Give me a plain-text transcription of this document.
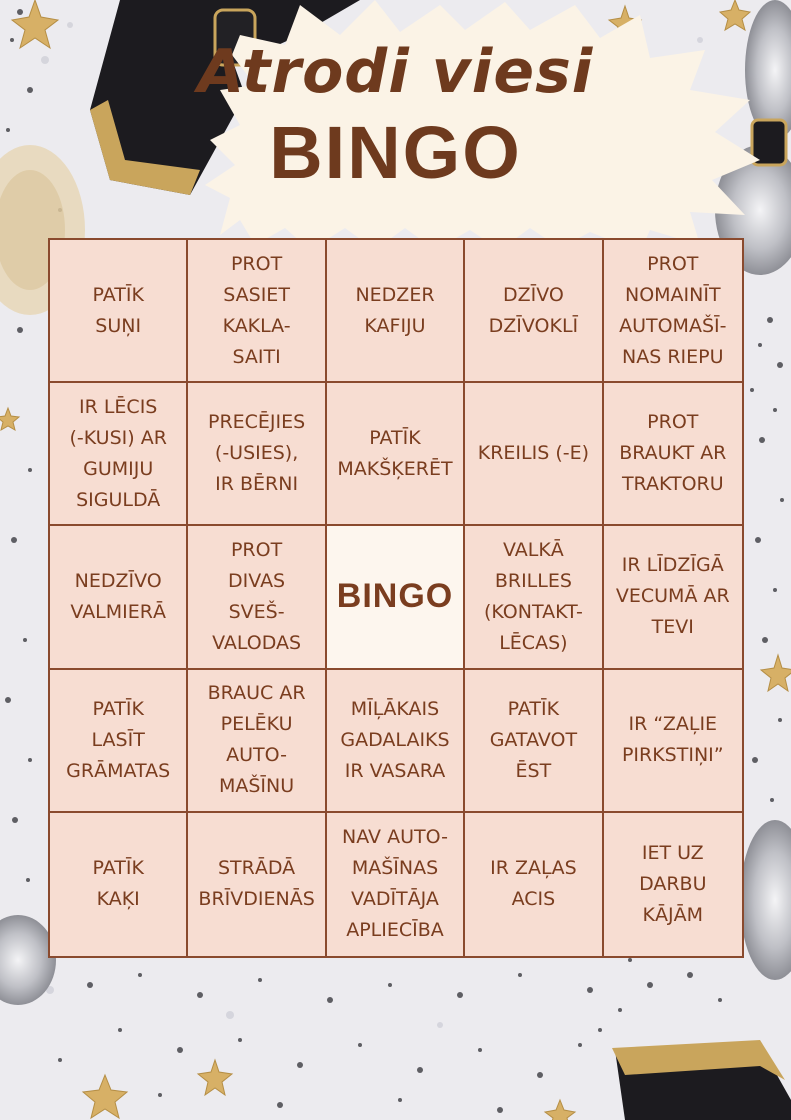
Atrodi viesi
BINGO
PATĪK
SUŅI
PROT
SASIET
KAKLA-
SAITI
NEDZER
KAFIJU
DZĪVO
DZĪVOKLĪ
PROT
NOMAINĪT
AUTOMAŠĪ-
NAS RIEPU
IR LĒCIS
(-KUSI) AR
GUMIJU
SIGULDĀ
PRECĒJIES
(-USIES),
IR BĒRNI
PATĪK
MAKŠĶERĒT
KREILIS (-E)
PROT
BRAUKT AR
TRAKTORU
NEDZĪVO
VALMIERĀ
PROT
DIVAS
SVEŠ-
VALODAS
BINGO
VALKĀ
BRILLES
(KONTAKT-
LĒCAS)
IR LĪDZĪGĀ
VECUMĀ AR
TEVI
PATĪK
LASĪT
GRĀMATAS
BRAUC AR
PELĒKU
AUTO-
MAŠĪNU
MĪĻĀKAIS
GADALAIKS
IR VASARA
PATĪK
GATAVOT
ĒST
IR “ZAĻIE
PIRKSTIŅI”
PATĪK
KAĶI
STRĀDĀ
BRĪVDIENĀS
NAV AUTO-
MAŠĪNAS
VADĪTĀJA
APLIECĪBA
IR ZAĻAS
ACIS
IET UZ
DARBU
KĀJĀM
